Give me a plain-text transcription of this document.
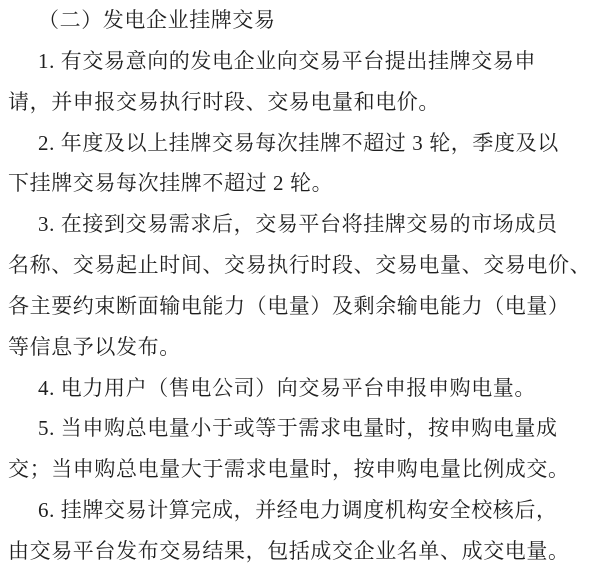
（二）发电企业挂牌交易
1. 有交易意向的发电企业向交易平台提出挂牌交易申
请，并申报交易执行时段、交易电量和电价。
2. 年度及以上挂牌交易每次挂牌不超过 3 轮，季度及以
下挂牌交易每次挂牌不超过 2 轮。
3. 在接到交易需求后，交易平台将挂牌交易的市场成员
名称、交易起止时间、交易执行时段、交易电量、交易电价、
各主要约束断面输电能力（电量）及剩余输电能力（电量）
等信息予以发布。
4. 电力用户（售电公司）向交易平台申报申购电量。
5. 当申购总电量小于或等于需求电量时，按申购电量成
交；当申购总电量大于需求电量时，按申购电量比例成交。
6. 挂牌交易计算完成，并经电力调度机构安全校核后，
由交易平台发布交易结果，包括成交企业名单、成交电量。
